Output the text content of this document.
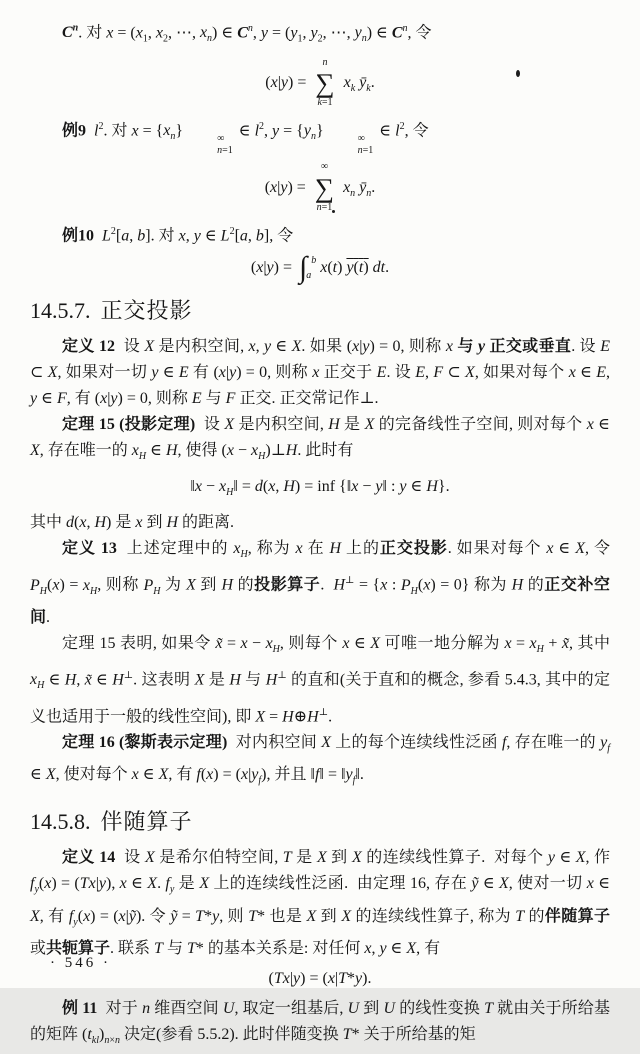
$C^n$. 对 $x = (x_1$, $x_2$, ⋯, $x_n$) ∈ $C^n$, $y = (y_1$, $y_2$, ⋯, $y_n$) ∈ $C^n$, 令

(x|y) =
n
∑
k=1
$x_k$ $ȳ_k$.

例9 $l^2$. 对 $x = \{x_n\}$	∞
n=1
∈ $l^2$, $y = \{y_n\}$	∞
n=1
∈ $l^2$, 令

(x|y) =
∞
∑
n=1
$x_n$ $ȳ_n$.

例10 $L^2[a$, b]. 对 x, y ∈ $L^2[a$, b], 令

(x|y) = ∫ b
a x(t) y(t) dt.
14.5.7. 正交投影

定义 12  设 X 是内积空间, x, y ∈ X. 如果 (x|y) = 0, 则称 x 与 y 正交或垂直. 设 E ⊂ X, 如果对一切 y ∈ E 有 (x|y) = 0, 则称 x 正交于 E. 设 E, F ⊂ X, 如果对每个 x ∈ E, y ∈ F, 有 (x|y) = 0, 则称 E 与 F 正交. 正交常记作⊥.

定理 15 (投影定理)  设 X 是内积空间, H 是 X 的完备线性子空间, 则对每个 x ∈ X, 存在唯一的 $x_H$ ∈ H, 使得 $(x - x_H)\perp H$. 此时有

‖x − $x_H‖ = d(x$, H) = inf {‖x − y‖ : y ∈ H}.

其中 d(x, H) 是 x 到 H 的距离.

定义 13  上述定理中的 $x_H$, 称为 x 在 H 上的正交投影. 如果对每个 x ∈ X, 令 $P_H(x) = x_H$, 则称 $P_H$ 为 X 到 H 的投影算子.  H⊥ = {x : $P_H(x) = 0$} 称为 H 的正交补空间.

定理 15 表明, 如果令 x̃ = $x - x_H$, 则每个 x ∈ X 可唯一地分解为 $x = x_H$ + x̃, 其中 $x_H$ ∈ H, x̃ ∈ H⊥. 这表明 X 是 H 与 H⊥ 的直和(关于直和的概念, 参看 5.4.3, 其中的定义也适用于一般的线性空间), 即 X = H⊕H⊥.

定理 16 (黎斯表示定理)  对内积空间 X 上的每个连续线性泛函 f, 存在唯一的 $y_f$ ∈ X, 使对每个 x ∈ X, 有 $f(x) = (x|y_f)$, 并且 ‖f‖ = $‖y_f‖$.

14.5.8. 伴随算子

定义 14  设 X 是希尔伯特空间, T 是 X 到 X 的连续线性算子.  对每个 y ∈ X, 作 $f_y(x) = (Tx|y)$, x ∈ X. $f_y$ 是 X 上的连续线性泛函.  由定理 16, 存在 ỹ ∈ X, 使对一切 x ∈ X, 有 $f_y(x)$ = (x|ỹ). 令 ỹ = T*y, 则 T* 也是 X 到 X 的连续线性算子, 称为 T 的伴随算子或共轭算子. 联系 T 与 T* 的基本关系是: 对任何 x, y ∈ X, 有

(Tx|y) = (x|T*y).

例 11  对于 n 维酉空间 U, 取定一组基后, U 到 U 的线性变换 T 就由关于所给基的矩阵 $(t_{kl})_{n\times n}$ 决定(参看 5.5.2). 此时伴随变换 T* 关于所给基的矩

· 546 ·
